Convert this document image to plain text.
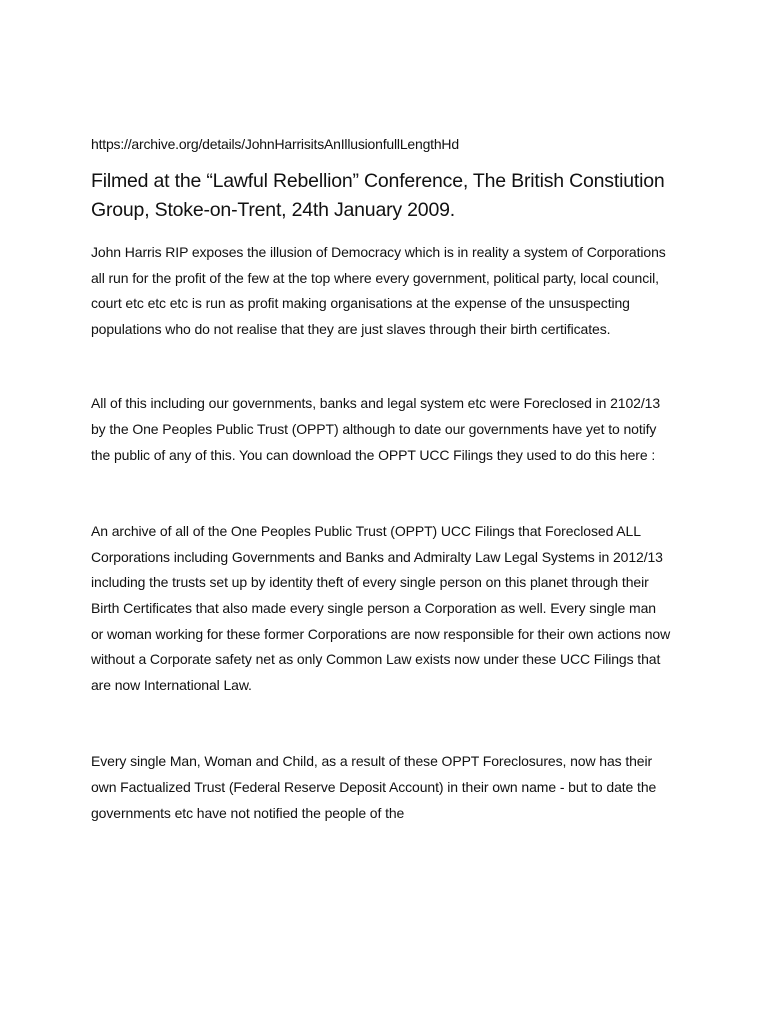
https://archive.org/details/JohnHarrisitsAnIllusionfullLengthHd

Filmed at the “Lawful Rebellion” Conference, The British Constiution Group, Stoke-on-Trent, 24th January 2009.

John Harris RIP exposes the illusion of Democracy which is in reality a system of Corporations all run for the profit of the few at the top where every government, political party, local council, court etc etc etc is run as profit making organisations at the expense of the unsuspecting populations who do not realise that they are just slaves through their birth certificates.

All of this including our governments, banks and legal system etc were Foreclosed in 2102/13 by the One Peoples Public Trust (OPPT) although to date our governments have yet to notify the public of any of this. You can download the OPPT UCC Filings they used to do this here :

An archive of all of the One Peoples Public Trust (OPPT) UCC Filings that Foreclosed ALL Corporations including Governments and Banks and Admiralty Law Legal Systems in 2012/13 including the trusts set up by identity theft of every single person on this planet through their Birth Certificates that also made every single person a Corporation as well. Every single man or woman working for these former Corporations are now responsible for their own actions now without a Corporate safety net as only Common Law exists now under these UCC Filings that are now International Law.

Every single Man, Woman and Child, as a result of these OPPT Foreclosures, now has their own Factualized Trust (Federal Reserve Deposit Account) in their own name - but to date the governments etc have not notified the people of the
